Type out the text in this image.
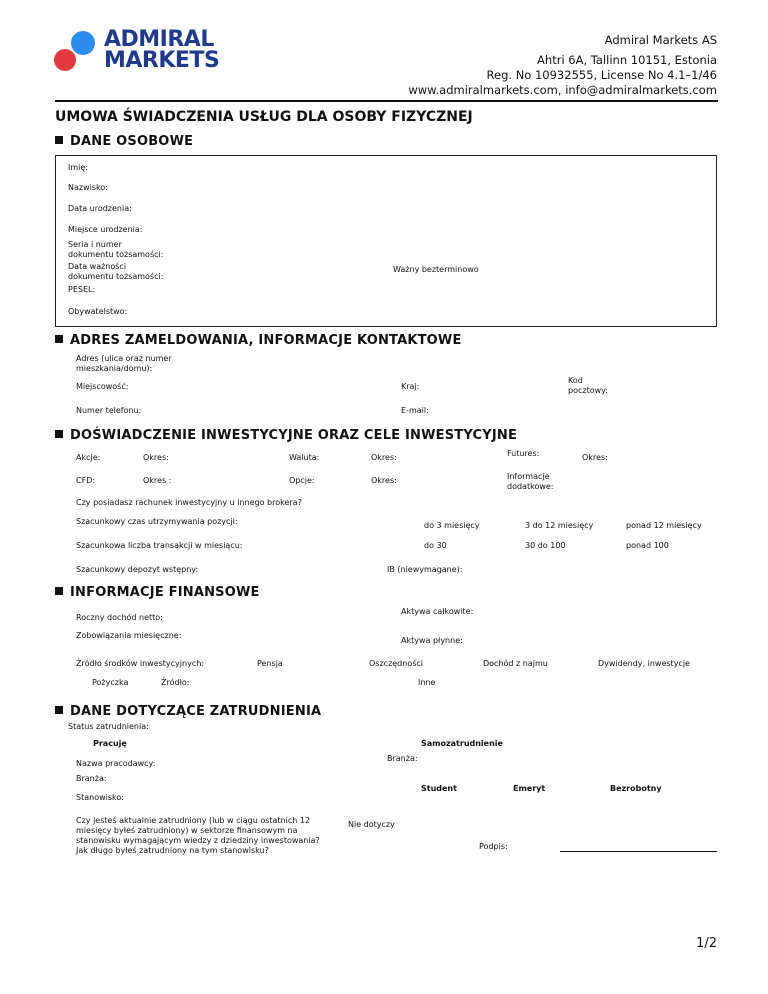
ADMIRAL
MARKETS
Admiral Markets AS
Ahtri 6A, Tallinn 10151, Estonia
Reg. No 10932555, License No 4.1–1/46
www.admiralmarkets.com, info@admiralmarkets.com
UMOWA ŚWIADCZENIA USŁUG DLA OSOBY FIZYCZNEJ
DANE OSOBOWE
Imię:
Nazwisko:
Data urodzenia:
Miejsce urodzenia:
Seria i numer
dokumentu tożsamości:
Data ważności
dokumentu tożsamości:
Ważny bezterminowo
PESEL:
Obywatelstwo:
ADRES ZAMELDOWANIA, INFORMACJE KONTAKTOWE
Adres (ulica oraz numer
mieszkania/domu):
Miejscowość:	Kraj:
Kod
pocztowy:
Numer telefonu:	E-mail:
DOŚWIADCZENIE INWESTYCYJNE ORAZ CELE INWESTYCYJNE
Akcje:	Okres:	Waluta:	Okres:	Futures:	Okres:
CFD:	Okres :	Opcje:	Okres:	Informacje
dodatkowe:
Czy posiadasz rachunek inwestycyjny u innego brokera?
Szacunkowy czas utrzymywania pozycji:	do 3 miesięcy	3 do 12 miesięcy	ponad 12 miesięcy
Szacunkowa liczba transakcji w miesiącu:	do 30	30 do 100	ponad 100
Szacunkowy depozyt wstępny:	IB (niewymagane):
INFORMACJE FINANSOWE
Aktywa całkowite:
Roczny dochód netto:
Zobowiązania miesięczne:
Aktywa płynne:
Źródło środków inwestycyjnych:	Pensja	Oszczędności	Dochód z najmu	Dywidendy, inwestycje
Pożyczka	Źródło:	Inne
DANE DOTYCZĄCE ZATRUDNIENIA
Status zatrudnienia:
Pracuję	Samozatrudnienie
Nazwa pracodawcy:
Branża:
Branża:
Student	Emeryt	Bezrobotny
Stanowisko:
Czy jesteś aktualnie zatrudniony (lub w ciągu ostatnich 12
miesięcy byłeś zatrudniony) w sektorze finansowym na
stanowisku wymagającym wiedzy z dziedziny inwestowania?
Jak długo byłeś zatrudniony na tym stanowisku?
Nie dotyczy
Podpis:
1/2
